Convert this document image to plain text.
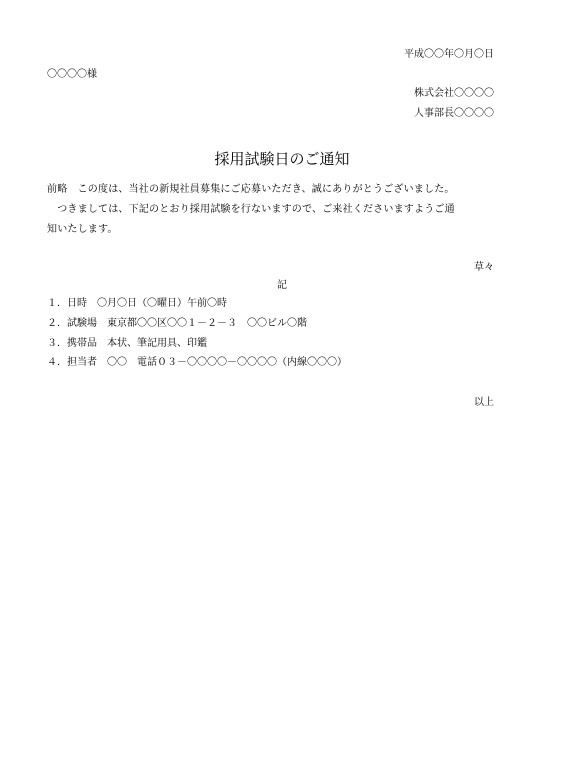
平成〇〇年〇月〇日
〇〇〇〇様
株式会社〇〇〇〇
人事部長〇〇〇〇
採用試験日のご通知
前略　この度は、当社の新規社員募集にご応募いただき、誠にありがとうございました。
　つきましては、下記のとおり採用試験を行ないますので、ご来社くださいますようご通
知いたします。
草々
記
１．日時　〇月〇日（〇曜日）午前〇時
２．試験場　東京都〇〇区〇〇１－２－３　〇〇ビル〇階
３．携帯品　本状、筆記用具、印鑑
４．担当者　〇〇　電話０３－〇〇〇〇－〇〇〇〇（内線〇〇〇）
以上
